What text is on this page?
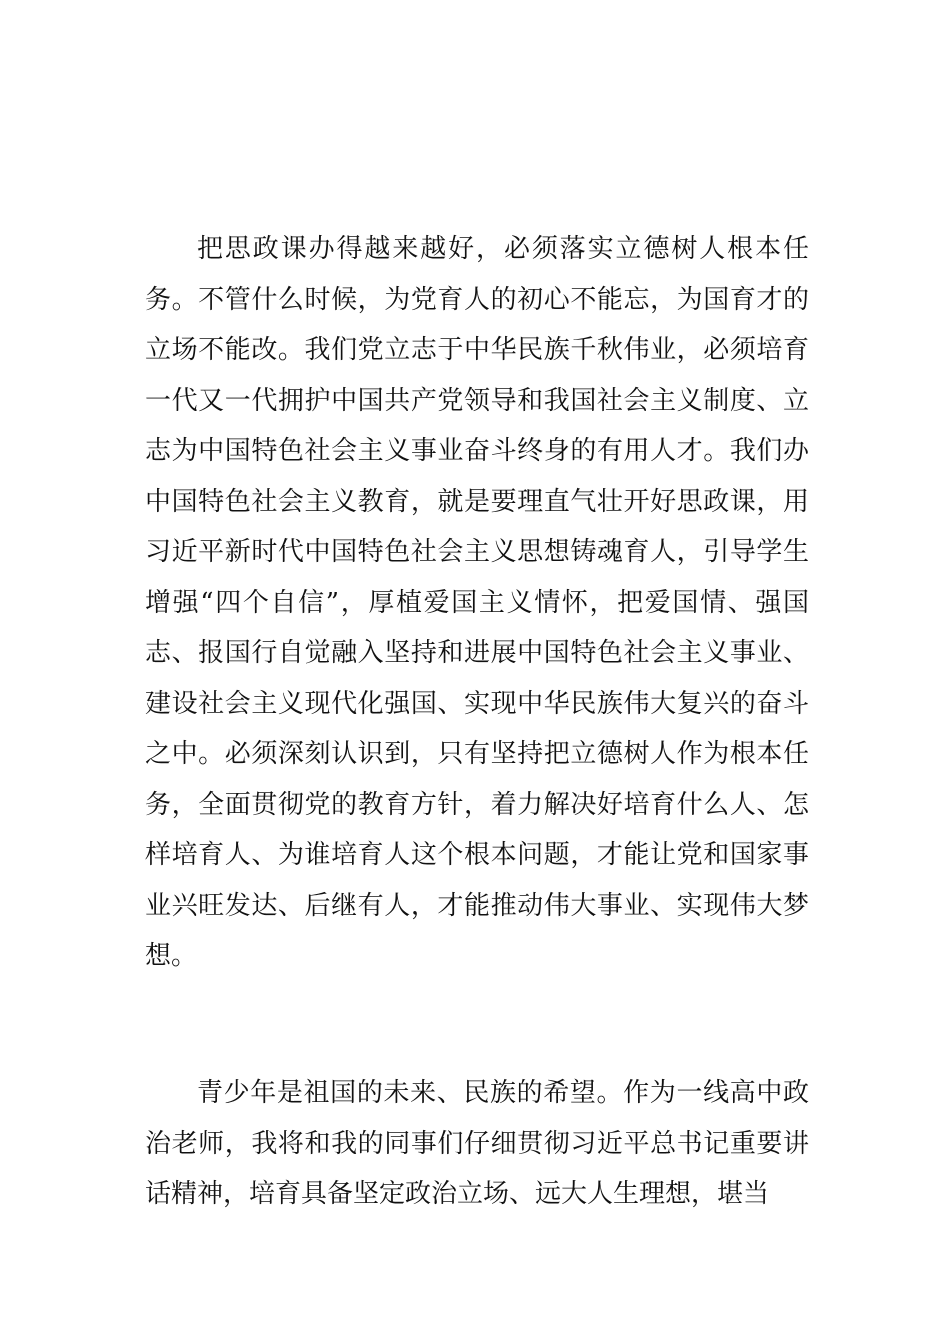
把思政课办得越来越好，必须落实立德树人根本任务。不管什么时候，为党育人的初心不能忘，为国育才的立场不能改。我们党立志于中华民族千秋伟业，必须培育一代又一代拥护中国共产党领导和我国社会主义制度、立志为中国特色社会主义事业奋斗终身的有用人才。我们办中国特色社会主义教育，就是要理直气壮开好思政课，用习近平新时代中国特色社会主义思想铸魂育人，引导学生增强“四个自信”，厚植爱国主义情怀，把爱国情、强国志、报国行自觉融入坚持和进展中国特色社会主义事业、建设社会主义现代化强国、实现中华民族伟大复兴的奋斗之中。必须深刻认识到，只有坚持把立德树人作为根本任务，全面贯彻党的教育方针，着力解决好培育什么人、怎样培育人、为谁培育人这个根本问题，才能让党和国家事业兴旺发达、后继有人，才能推动伟大事业、实现伟大梦想。

青少年是祖国的未来、民族的希望。作为一线高中政治老师，我将和我的同事们仔细贯彻习近平总书记重要讲话精神，培育具备坚定政治立场、远大人生理想，堪当
